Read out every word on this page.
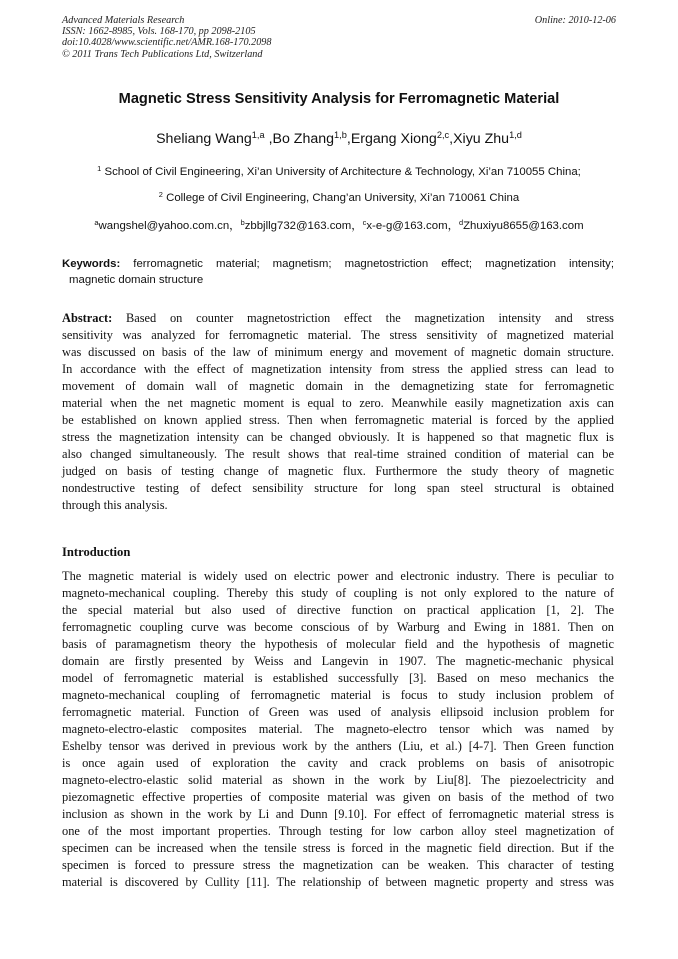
Advanced Materials Research
ISSN: 1662-8985, Vols. 168-170, pp 2098-2105
doi:10.4028/www.scientific.net/AMR.168-170.2098
© 2011 Trans Tech Publications Ltd, Switzerland
Online: 2010-12-06
Magnetic Stress Sensitivity Analysis for Ferromagnetic Material
Sheliang Wang$^{1,a}$ ,Bo Zhang$^{1,b}$,Ergang Xiong$^{2,c}$,Xiyu Zhu$^{1,d}$
$^1$ School of Civil Engineering, Xi’an University of Architecture & Technology, Xi’an 710055 China;
$^2$ College of Civil Engineering, Chang’an University, Xi’an 710061 China
$^a$wangshel@yahoo.com.cn，$^b$zbbjllg732@163.com，$^c$x-e-g@163.com，$^d$Zhuxiyu8655@163.com
Keywords: ferromagnetic material; magnetism; magnetostriction effect; magnetization intensity;
magnetic domain structure
Abstract: Based on counter magnetostriction effect the magnetization intensity and stress
sensitivity was analyzed for ferromagnetic material. The stress sensitivity of magnetized material
was discussed on basis of the law of minimum energy and movement of magnetic domain structure.
In accordance with the effect of magnetization intensity from stress the applied stress can lead to
movement of domain wall of magnetic domain in the demagnetizing state for ferromagnetic
material when the net magnetic moment is equal to zero. Meanwhile easily magnetization axis can
be established on known applied stress. Then when ferromagnetic material is forced by the applied
stress the magnetization intensity can be changed obviously. It is happened so that magnetic flux is
also changed simultaneously. The result shows that real-time strained condition of material can be
judged on basis of testing change of magnetic flux. Furthermore the study theory of magnetic
nondestructive testing of defect sensibility structure for long span steel structural is obtained
through this analysis.
Introduction
The magnetic material is widely used on electric power and electronic industry. There is peculiar to
magneto-mechanical coupling. Thereby this study of coupling is not only explored to the nature of
the special material but also used of directive function on practical application [1, 2]. The
ferromagnetic coupling curve was become conscious of by Warburg and Ewing in 1881. Then on
basis of paramagnetism theory the hypothesis of molecular field and the hypothesis of magnetic
domain are firstly presented by Weiss and Langevin in 1907. The magnetic-mechanic physical
model of ferromagnetic material is established successfully [3]. Based on meso mechanics the
magneto-mechanical coupling of ferromagnetic material is focus to study inclusion problem of
ferromagnetic material. Function of Green was used of analysis ellipsoid inclusion problem for
magneto-electro-elastic composites material. The magneto-electro tensor which was named by
Eshelby tensor was derived in previous work by the anthers (Liu, et al.) [4-7]. Then Green function
is once again used of exploration the cavity and crack problems on basis of anisotropic
magneto-electro-elastic solid material as shown in the work by Liu[8]. The piezoelectricity and
piezomagnetic effective properties of composite material was given on basis of the method of two
inclusion as shown in the work by Li and Dunn [9.10]. For effect of ferromagnetic material stress is
one of the most important properties. Through testing for low carbon alloy steel magnetization of
specimen can be increased when the tensile stress is forced in the magnetic field direction. But if the
specimen is forced to pressure stress the magnetization can be weaken. This character of testing
material is discovered by Cullity [11]. The relationship of between magnetic property and stress was
